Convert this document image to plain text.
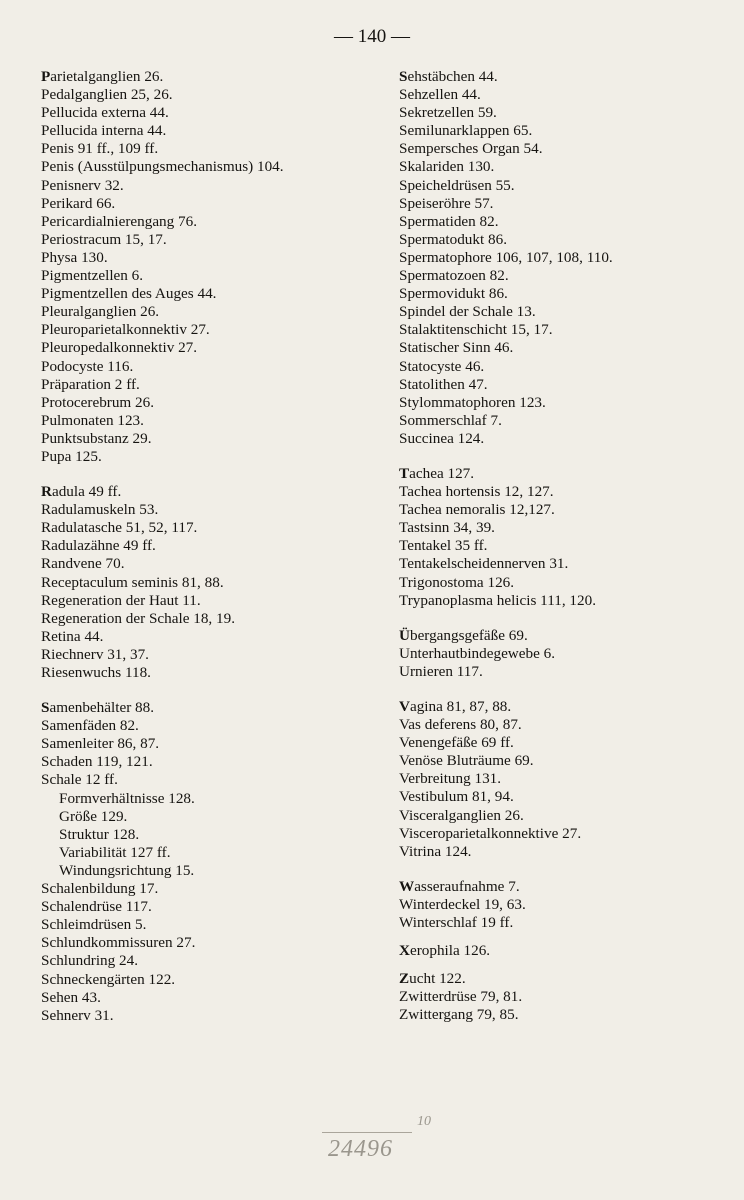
— 140 —
Parietalganglien 26.
Pedalganglien 25, 26.
Pellucida externa 44.
Pellucida interna 44.
Penis 91 ff., 109 ff.
Penis (Ausstülpungsmechanismus) 104.
Penisnerv 32.
Perikard 66.
Pericardialnierengang 76.
Periostracum 15, 17.
Physa 130.
Pigmentzellen 6.
Pigmentzellen des Auges 44.
Pleuralganglien 26.
Pleuroparietalkonnektiv 27.
Pleuropedalkonnektiv 27.
Podocyste 116.
Präparation 2 ff.
Protocerebrum 26.
Pulmonaten 123.
Punktsubstanz 29.
Pupa 125.
Radula 49 ff.
Radulamuskeln 53.
Radulatasche 51, 52, 117.
Radulazähne 49 ff.
Randvene 70.
Receptaculum seminis 81, 88.
Regeneration der Haut 11.
Regeneration der Schale 18, 19.
Retina 44.
Riechnerv 31, 37.
Riesenwuchs 118.
Samenbehälter 88.
Samenfäden 82.
Samenleiter 86, 87.
Schaden 119, 121.
Schale 12 ff.
Formverhältnisse 128.
Größe 129.
Struktur 128.
Variabilität 127 ff.
Windungsrichtung 15.
Schalenbildung 17.
Schalendrüse 117.
Schleimdrüsen 5.
Schlundkommissuren 27.
Schlundring 24.
Schneckengärten 122.
Sehen 43.
Sehnerv 31.
Sehstäbchen 44.
Sehzellen 44.
Sekretzellen 59.
Semilunarklappen 65.
Sempersches Organ 54.
Skalariden 130.
Speicheldrüsen 55.
Speiseröhre 57.
Spermatiden 82.
Spermatodukt 86.
Spermatophore 106, 107, 108, 110.
Spermatozoen 82.
Spermovidukt 86.
Spindel der Schale 13.
Stalaktitenschicht 15, 17.
Statischer Sinn 46.
Statocyste 46.
Statolithen 47.
Stylommatophoren 123.
Sommerschlaf 7.
Succinea 124.
Tachea 127.
Tachea hortensis 12, 127.
Tachea nemoralis 12,127.
Tastsinn 34, 39.
Tentakel 35 ff.
Tentakelscheidennerven 31.
Trigonostoma 126.
Trypanoplasma helicis 111, 120.
Übergangsgefäße 69.
Unterhautbindegewebe 6.
Urnieren 117.
Vagina 81, 87, 88.
Vas deferens 80, 87.
Venengefäße 69 ff.
Venöse Bluträume 69.
Verbreitung 131.
Vestibulum 81, 94.
Visceralganglien 26.
Visceroparietalkonnektive 27.
Vitrina 124.
Wasseraufnahme 7.
Winterdeckel 19, 63.
Winterschlaf 19 ff.
Xerophila 126.
Zucht 122.
Zwitterdrüse 79, 81.
Zwittergang 79, 85.
24496
10
